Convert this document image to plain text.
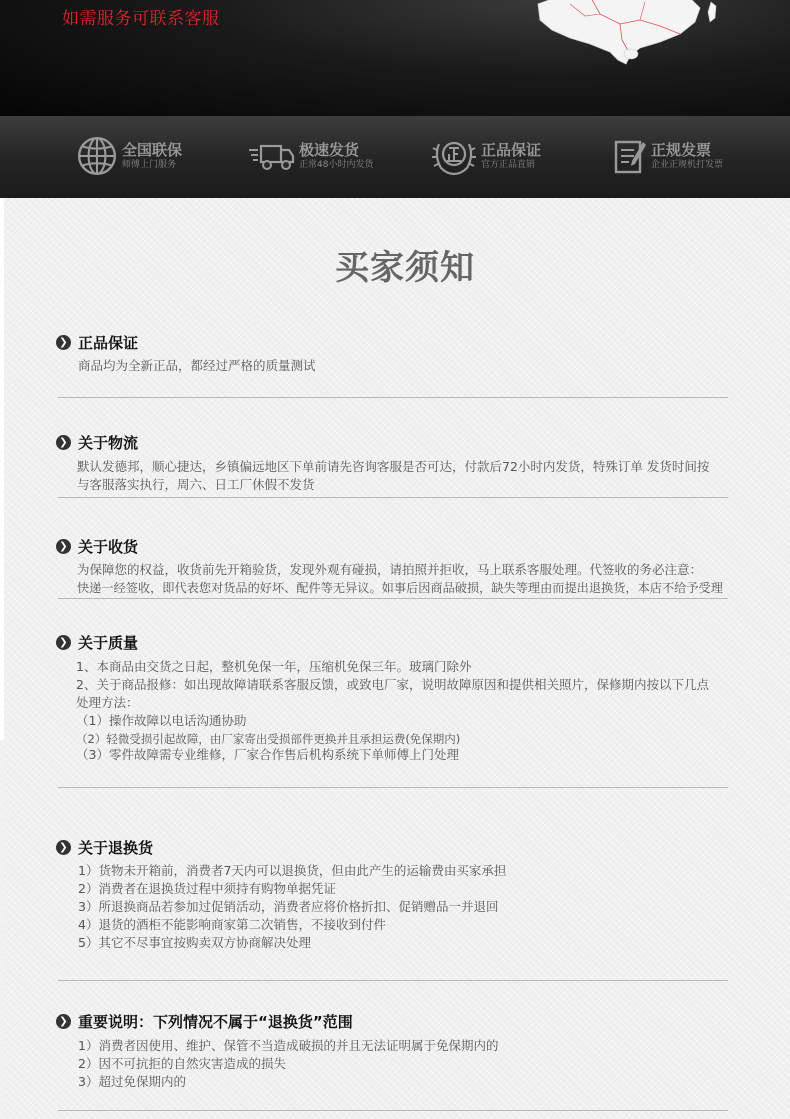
如需服务可联系客服
全国联保
师傅上门服务
极速发货
正常48小时内发货
正品保证
官方正品直销
正规发票
企业正规机打发票
买家须知
❯ 正品保证
商品均为全新正品，都经过严格的质量测试
❯ 关于物流
默认发德邦，顺心捷达，乡镇偏远地区下单前请先咨询客服是否可达，付款后72小时内发货，特殊订单 发货时间按
与客服落实执行，周六、日工厂休假不发货
❯ 关于收货
为保障您的权益，收货前先开箱验货，发现外观有碰损，请拍照并拒收，马上联系客服处理。代签收的务必注意：
快递一经签收，即代表您对货品的好坏、配件等无异议。如事后因商品破损，缺失等理由而提出退换货，本店不给予受理
❯ 关于质量
1、本商品由交货之日起，整机免保一年，压缩机免保三年。玻璃门除外
2、关于商品报修：如出现故障请联系客服反馈，或致电厂家，说明故障原因和提供相关照片，保修期内按以下几点
处理方法：
（1）操作故障以电话沟通协助
（2）轻微受损引起故障，由厂家寄出受损部件更换并且承担运费(免保期内)
（3）零件故障需专业维修，厂家合作售后机构系统下单师傅上门处理
❯ 关于退换货
1）货物未开箱前，消费者7天内可以退换货，但由此产生的运输费由买家承担
2）消费者在退换货过程中须持有购物单据凭证
3）所退换商品若参加过促销活动，消费者应将价格折扣、促销赠品一并退回
4）退货的酒柜不能影响商家第二次销售，不接收到付件
5）其它不尽事宜按购卖双方协商解决处理
❯ 重要说明：下列情况不属于“退换货”范围
1）消费者因使用、维护、保管不当造成破损的并且无法证明属于免保期内的
2）因不可抗拒的自然灾害造成的损失
3）超过免保期内的
